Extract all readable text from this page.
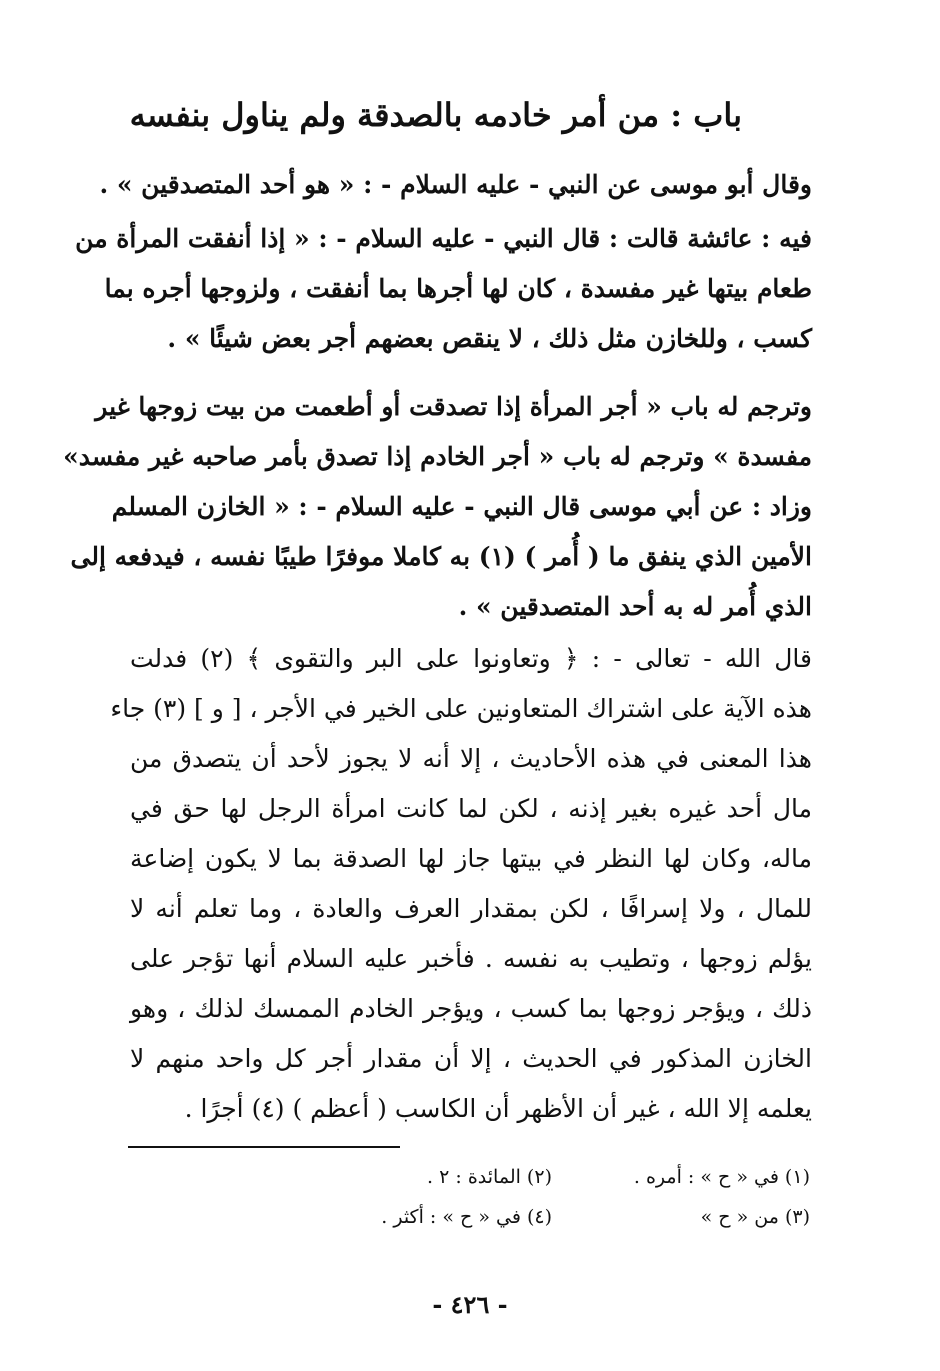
باب : من أمر خادمه بالصدقة ولم يناول بنفسه
وقال أبو موسى عن النبي - عليه السلام - : « هو أحد المتصدقين » .
فيه : عائشة قالت : قال النبي - عليه السلام - : « إذا أنفقت المرأة من
طعام بيتها غير مفسدة ، كان لها أجرها بما أنفقت ، ولزوجها أجره بما
كسب ، وللخازن مثل ذلك ، لا ينقص بعضهم أجر بعض شيئًا » .
وترجم له باب « أجر المرأة إذا تصدقت أو أطعمت من بيت زوجها غير
مفسدة » وترجم له باب « أجر الخادم إذا تصدق بأمر صاحبه غير مفسد»
وزاد : عن أبي موسى قال النبي - عليه السلام - : « الخازن المسلم
الأمين الذي ينفق ما ( أُمر ) (١) به كاملا موفرًا طيبًا نفسه ، فيدفعه إلى
الذي أُمر له به أحد المتصدقين » .
قال الله - تعالى - : ﴿ وتعاونوا على البر والتقوى ﴾ (٢) فدلت
هذه الآية على اشتراك المتعاونين على الخير في الأجر ، [ و ] (٣) جاء
هذا المعنى في هذه الأحاديث ، إلا أنه لا يجوز لأحد أن يتصدق من
مال أحد غيره بغير إذنه ، لكن لما كانت امرأة الرجل لها حق في
ماله، وكان لها النظر في بيتها جاز لها الصدقة بما لا يكون إضاعة
للمال ، ولا إسرافًا ، لكن بمقدار العرف والعادة ، وما تعلم أنه لا
يؤلم زوجها ، وتطيب به نفسه . فأخبر عليه السلام أنها تؤجر على
ذلك ، ويؤجر زوجها بما كسب ، ويؤجر الخادم الممسك لذلك ، وهو
الخازن المذكور في الحديث ، إلا أن مقدار أجر كل واحد منهم لا
يعلمه إلا الله ، غير أن الأظهر أن الكاسب ( أعظم ) (٤) أجرًا .
(١) في « ح » : أمره .
(٢) المائدة : ٢ .
(٣) من « ح »
(٤) في « ح » : أكثر .
- ٤٢٦ -
